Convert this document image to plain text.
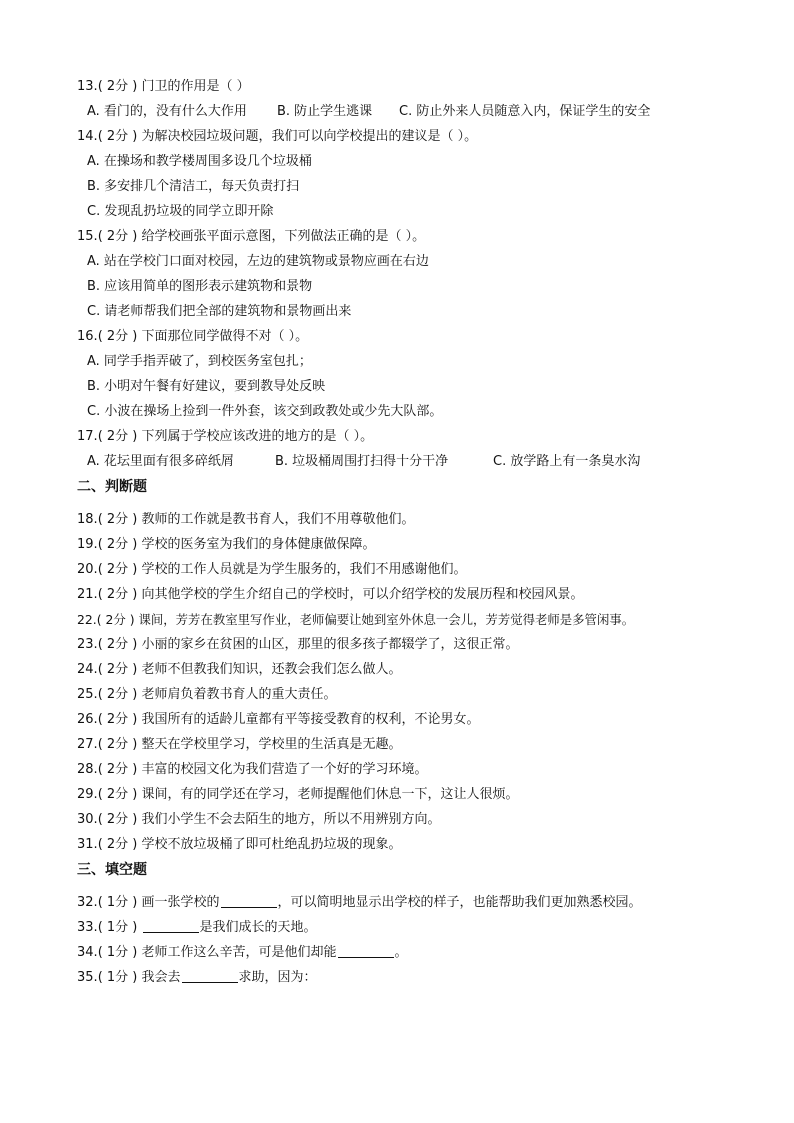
13.( 2分 ) 门卫的作用是（ ）
A. 看门的，没有什么大作用 B. 防止学生逃课 C. 防止外来人员随意入内，保证学生的安全
14.( 2分 ) 为解决校园垃圾问题，我们可以向学校提出的建议是（ ）。
A. 在操场和教学楼周围多设几个垃圾桶
B. 多安排几个清洁工，每天负责打扫
C. 发现乱扔垃圾的同学立即开除
15.( 2分 ) 给学校画张平面示意图，下列做法正确的是（ ）。
A. 站在学校门口面对校园，左边的建筑物或景物应画在右边
B. 应该用简单的图形表示建筑物和景物
C. 请老师帮我们把全部的建筑物和景物画出来
16.( 2分 ) 下面那位同学做得不对（ ）。
A. 同学手指弄破了，到校医务室包扎；
B. 小明对午餐有好建议，要到教导处反映
C. 小波在操场上捡到一件外套，该交到政教处或少先大队部。
17.( 2分 ) 下列属于学校应该改进的地方的是（ ）。
A. 花坛里面有很多碎纸屑	B. 垃圾桶周围打扫得十分干净	C. 放学路上有一条臭水沟
二、判断题
18.( 2分 ) 教师的工作就是教书育人，我们不用尊敬他们。
19.( 2分 ) 学校的医务室为我们的身体健康做保障。
20.( 2分 ) 学校的工作人员就是为学生服务的，我们不用感谢他们。
21.( 2分 ) 向其他学校的学生介绍自己的学校时，可以介绍学校的发展历程和校园风景。
22.( 2分 ) 课间，芳芳在教室里写作业，老师偏要让她到室外休息一会儿，芳芳觉得老师是多管闲事。
23.( 2分 ) 小丽的家乡在贫困的山区，那里的很多孩子都辍学了，这很正常。
24.( 2分 ) 老师不但教我们知识，还教会我们怎么做人。
25.( 2分 ) 老师肩负着教书育人的重大责任。
26.( 2分 ) 我国所有的适龄儿童都有平等接受教育的权利，不论男女。
27.( 2分 ) 整天在学校里学习，学校里的生活真是无趣。
28.( 2分 ) 丰富的校园文化为我们营造了一个好的学习环境。
29.( 2分 ) 课间，有的同学还在学习，老师提醒他们休息一下，这让人很烦。
30.( 2分 ) 我们小学生不会去陌生的地方，所以不用辨别方向。
31.( 2分 ) 学校不放垃圾桶了即可杜绝乱扔垃圾的现象。
三、填空题
32.( 1分 ) 画一张学校的	，可以简明地显示出学校的样子，也能帮助我们更加熟悉校园。
33.( 1分 )	是我们成长的天地。
34.( 1分 ) 老师工作这么辛苦，可是他们却能	。
35.( 1分 ) 我会去	求助，因为：
